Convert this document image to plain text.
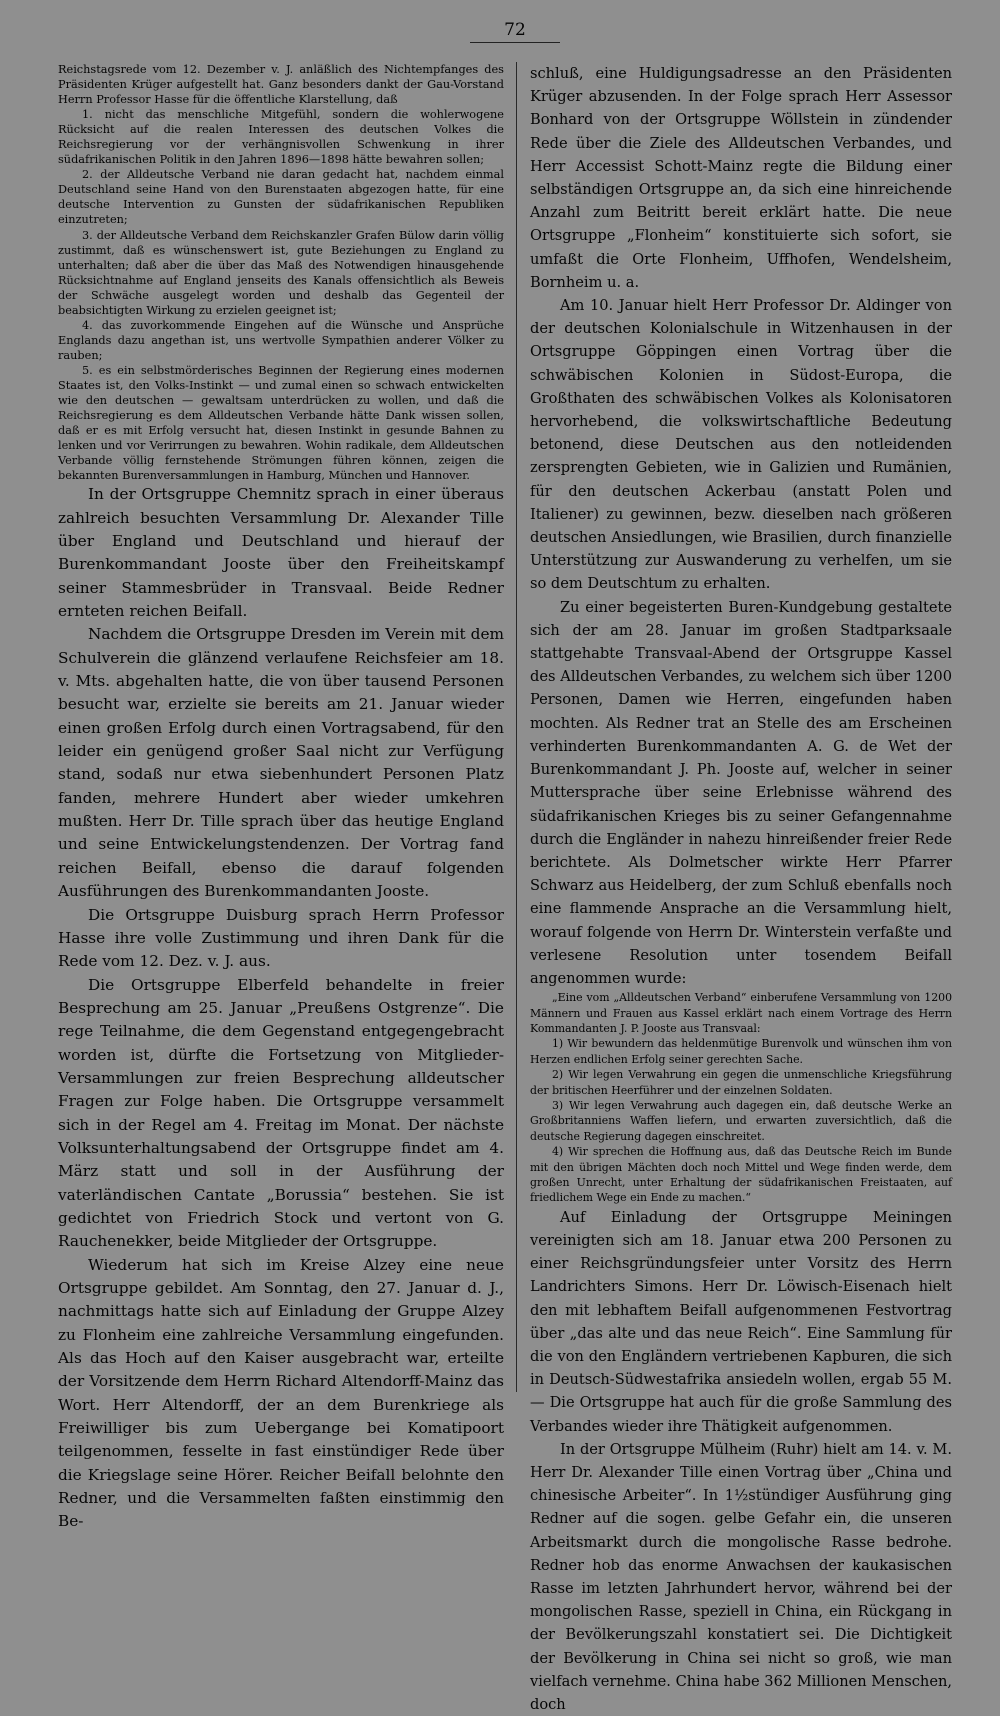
72

Reichstagsrede vom 12. Dezember v. J. anläßlich des Nichtempfanges des Präsidenten Krüger aufgestellt hat. Ganz besonders dankt der Gau-Vorstand Herrn Professor Hasse für die öffentliche Klarstellung, daß

1. nicht das menschliche Mitgefühl, sondern die wohlerwogene Rücksicht auf die realen Interessen des deutschen Volkes die Reichsregierung vor der verhängnisvollen Schwenkung in ihrer südafrikanischen Politik in den Jahren 1896—1898 hätte bewahren sollen;

2. der Alldeutsche Verband nie daran gedacht hat, nachdem einmal Deutschland seine Hand von den Burenstaaten abgezogen hatte, für eine deutsche Intervention zu Gunsten der südafrikanischen Republiken einzutreten;

3. der Alldeutsche Verband dem Reichskanzler Grafen Bülow darin völlig zustimmt, daß es wünschenswert ist, gute Beziehungen zu England zu unterhalten; daß aber die über das Maß des Notwendigen hinausgehende Rücksichtnahme auf England jenseits des Kanals offensichtlich als Beweis der Schwäche ausgelegt worden und deshalb das Gegenteil der beabsichtigten Wirkung zu erzielen geeignet ist;

4. das zuvorkommende Eingehen auf die Wünsche und Ansprüche Englands dazu angethan ist, uns wertvolle Sympathien anderer Völker zu rauben;

5. es ein selbstmörderisches Beginnen der Regierung eines modernen Staates ist, den Volks-Instinkt — und zumal einen so schwach entwickelten wie den deutschen — gewaltsam unterdrücken zu wollen, und daß die Reichsregierung es dem Alldeutschen Verbande hätte Dank wissen sollen, daß er es mit Erfolg versucht hat, diesen Instinkt in gesunde Bahnen zu lenken und vor Verirrungen zu bewahren. Wohin radikale, dem Alldeutschen Verbande völlig fernstehende Strömungen führen können, zeigen die bekannten Burenversammlungen in Hamburg, München und Hannover.

In der Ortsgruppe Chemnitz sprach in einer überaus zahlreich besuchten Versammlung Dr. Alexander Tille über England und Deutschland und hierauf der Burenkommandant Jooste über den Freiheitskampf seiner Stammesbrüder in Transvaal. Beide Redner ernteten reichen Beifall.

Nachdem die Ortsgruppe Dresden im Verein mit dem Schulverein die glänzend verlaufene Reichsfeier am 18. v. Mts. abgehalten hatte, die von über tausend Personen besucht war, erzielte sie bereits am 21. Januar wieder einen großen Erfolg durch einen Vortragsabend, für den leider ein genügend großer Saal nicht zur Verfügung stand, sodaß nur etwa siebenhundert Personen Platz fanden, mehrere Hundert aber wieder umkehren mußten. Herr Dr. Tille sprach über das heutige England und seine Entwickelungstendenzen. Der Vortrag fand reichen Beifall, ebenso die darauf folgenden Ausführungen des Burenkommandanten Jooste.

Die Ortsgruppe Duisburg sprach Herrn Professor Hasse ihre volle Zustimmung und ihren Dank für die Rede vom 12. Dez. v. J. aus.

Die Ortsgruppe Elberfeld behandelte in freier Besprechung am 25. Januar „Preußens Ostgrenze“. Die rege Teilnahme, die dem Gegenstand entgegengebracht worden ist, dürfte die Fortsetzung von Mitglieder-Versammlungen zur freien Besprechung alldeutscher Fragen zur Folge haben. Die Ortsgruppe versammelt sich in der Regel am 4. Freitag im Monat. Der nächste Volksunterhaltungsabend der Ortsgruppe findet am 4. März statt und soll in der Ausführung der vaterländischen Cantate „Borussia“ bestehen. Sie ist gedichtet von Friedrich Stock und vertont von G. Rauchenekker, beide Mitglieder der Ortsgruppe.

Wiederum hat sich im Kreise Alzey eine neue Ortsgruppe gebildet. Am Sonntag, den 27. Januar d. J., nachmittags hatte sich auf Einladung der Gruppe Alzey zu Flonheim eine zahlreiche Versammlung eingefunden. Als das Hoch auf den Kaiser ausgebracht war, erteilte der Vorsitzende dem Herrn Richard Altendorff-Mainz das Wort. Herr Altendorff, der an dem Burenkriege als Freiwilliger bis zum Uebergange bei Komatipoort teilgenommen, fesselte in fast einstündiger Rede über die Kriegslage seine Hörer. Reicher Beifall belohnte den Redner, und die Versammelten faßten einstimmig den Be-

schluß, eine Huldigungsadresse an den Präsidenten Krüger abzusenden. In der Folge sprach Herr Assessor Bonhard von der Ortsgruppe Wöllstein in zündender Rede über die Ziele des Alldeutschen Verbandes, und Herr Accessist Schott-Mainz regte die Bildung einer selbständigen Ortsgruppe an, da sich eine hinreichende Anzahl zum Beitritt bereit erklärt hatte. Die neue Ortsgruppe „Flonheim“ konstituierte sich sofort, sie umfaßt die Orte Flonheim, Uffhofen, Wendelsheim, Bornheim u. a.

Am 10. Januar hielt Herr Professor Dr. Aldinger von der deutschen Kolonialschule in Witzenhausen in der Ortsgruppe Göppingen einen Vortrag über die schwäbischen Kolonien in Südost-Europa, die Großthaten des schwäbischen Volkes als Kolonisatoren hervorhebend, die volkswirtschaftliche Bedeutung betonend, diese Deutschen aus den notleidenden zersprengten Gebieten, wie in Galizien und Rumänien, für den deutschen Ackerbau (anstatt Polen und Italiener) zu gewinnen, bezw. dieselben nach größeren deutschen Ansiedlungen, wie Brasilien, durch finanzielle Unterstützung zur Auswanderung zu verhelfen, um sie so dem Deutschtum zu erhalten.

Zu einer begeisterten Buren-Kundgebung gestaltete sich der am 28. Januar im großen Stadtparksaale stattgehabte Transvaal-Abend der Ortsgruppe Kassel des Alldeutschen Verbandes, zu welchem sich über 1200 Personen, Damen wie Herren, eingefunden haben mochten. Als Redner trat an Stelle des am Erscheinen verhinderten Burenkommandanten A. G. de Wet der Burenkommandant J. Ph. Jooste auf, welcher in seiner Muttersprache über seine Erlebnisse während des südafrikanischen Krieges bis zu seiner Gefangennahme durch die Engländer in nahezu hinreißender freier Rede berichtete. Als Dolmetscher wirkte Herr Pfarrer Schwarz aus Heidelberg, der zum Schluß ebenfalls noch eine flammende Ansprache an die Versammlung hielt, worauf folgende von Herrn Dr. Winterstein verfaßte und verlesene Resolution unter tosendem Beifall angenommen wurde:

„Eine vom „Alldeutschen Verband“ einberufene Versammlung von 1200 Männern und Frauen aus Kassel erklärt nach einem Vortrage des Herrn Kommandanten J. P. Jooste aus Transvaal:

1) Wir bewundern das heldenmütige Burenvolk und wünschen ihm von Herzen endlichen Erfolg seiner gerechten Sache.

2) Wir legen Verwahrung ein gegen die unmenschliche Kriegsführung der britischen Heerführer und der einzelnen Soldaten.

3) Wir legen Verwahrung auch dagegen ein, daß deutsche Werke an Großbritanniens Waffen liefern, und erwarten zuversichtlich, daß die deutsche Regierung dagegen einschreitet.

4) Wir sprechen die Hoffnung aus, daß das Deutsche Reich im Bunde mit den übrigen Mächten doch noch Mittel und Wege finden werde, dem großen Unrecht, unter Erhaltung der südafrikanischen Freistaaten, auf friedlichem Wege ein Ende zu machen.“

Auf Einladung der Ortsgruppe Meiningen vereinigten sich am 18. Januar etwa 200 Personen zu einer Reichsgründungsfeier unter Vorsitz des Herrn Landrichters Simons. Herr Dr. Löwisch-Eisenach hielt den mit lebhaftem Beifall aufgenommenen Festvortrag über „das alte und das neue Reich“. Eine Sammlung für die von den Engländern vertriebenen Kapburen, die sich in Deutsch-Südwestafrika ansiedeln wollen, ergab 55 M. — Die Ortsgruppe hat auch für die große Sammlung des Verbandes wieder ihre Thätigkeit aufgenommen.

In der Ortsgruppe Mülheim (Ruhr) hielt am 14. v. M. Herr Dr. Alexander Tille einen Vortrag über „China und chinesische Arbeiter“. In 1½stündiger Ausführung ging Redner auf die sogen. gelbe Gefahr ein, die unseren Arbeitsmarkt durch die mongolische Rasse bedrohe. Redner hob das enorme Anwachsen der kaukasischen Rasse im letzten Jahrhundert hervor, während bei der mongolischen Rasse, speziell in China, ein Rückgang in der Bevölkerungszahl konstatiert sei. Die Dichtigkeit der Bevölkerung in China sei nicht so groß, wie man vielfach vernehme. China habe 362 Millionen Menschen, doch
